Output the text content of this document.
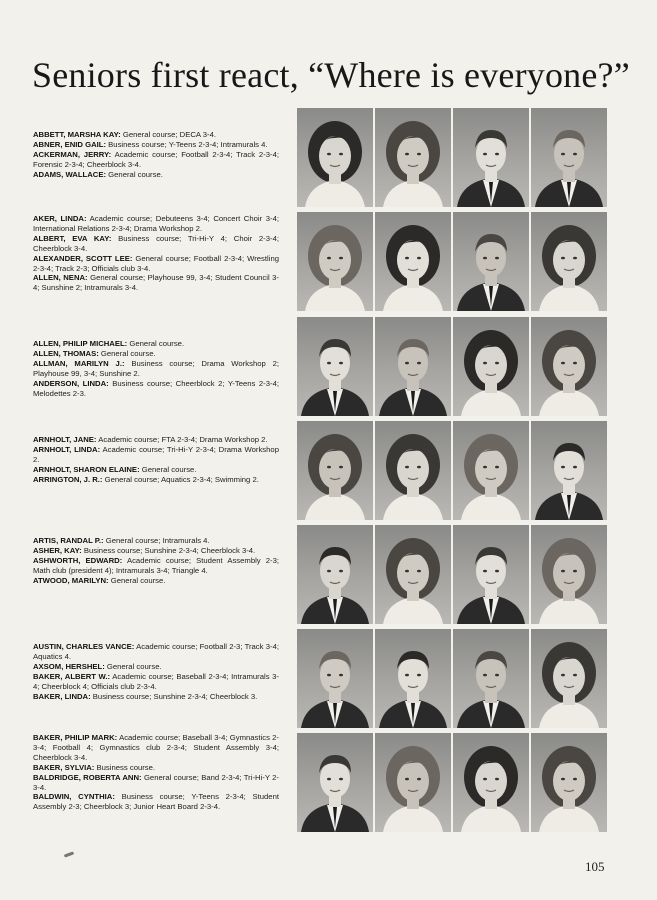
Seniors first react, “Where is everyone?”
ABBETT, MARSHA KAY: General course; DECA 3-4.
ABNER, ENID GAIL: Business course; Y-Teens 2-3-4; Intramurals 4.
ACKERMAN, JERRY: Academic course; Football 2-3-4; Track 2-3-4; Forensic 2-3-4; Cheerblock 3-4.
ADAMS, WALLACE: General course.
AKER, LINDA: Academic course; Debuteens 3-4; Concert Choir 3-4; International Relations 2-3-4; Drama Workshop 2.
ALBERT, EVA KAY: Business course; Tri-Hi-Y 4; Choir 2-3-4; Cheerblock 3-4.
ALEXANDER, SCOTT LEE: General course; Football 2-3-4; Wrestling 2-3-4; Track 2-3; Officials club 3-4.
ALLEN, NENA: General course; Playhouse 99, 3-4; Student Council 3-4; Sunshine 2; Intramurals 3-4.
ALLEN, PHILIP MICHAEL: General course.
ALLEN, THOMAS: General course.
ALLMAN, MARILYN J.: Business course; Drama Workshop 2; Playhouse 99, 3-4; Sunshine 2.
ANDERSON, LINDA: Business course; Cheerblock 2; Y-Teens 2-3-4; Melodettes 2-3.
ARNHOLT, JANE: Academic course; FTA 2-3-4; Drama Workshop 2.
ARNHOLT, LINDA: Academic course; Tri-Hi-Y 2-3-4; Drama Workshop 2.
ARNHOLT, SHARON ELAINE: General course.
ARRINGTON, J. R.: General course; Aquatics 2-3-4; Swimming 2.
ARTIS, RANDAL P.: General course; Intramurals 4.
ASHER, KAY: Business course; Sunshine 2-3-4; Cheerblock 3-4.
ASHWORTH, EDWARD: Academic course; Student Assembly 2-3; Math club (president 4); Intramurals 3-4; Triangle 4.
ATWOOD, MARILYN: General course.
AUSTIN, CHARLES VANCE: Academic course; Football 2-3; Track 3-4; Aquatics 4.
AXSOM, HERSHEL: General course.
BAKER, ALBERT W.: Academic course; Baseball 2-3-4; Intramurals 3-4; Cheerblock 4; Officials club 2-3-4.
BAKER, LINDA: Business course; Sunshine 2-3-4; Cheerblock 3.
BAKER, PHILIP MARK: Academic course; Baseball 3-4; Gymnastics 2-3-4; Football 4; Gymnastics club 2-3-4; Student Assembly 3-4; Cheerblock 3-4.
BAKER, SYLVIA: Business course.
BALDRIDGE, ROBERTA ANN: General course; Band 2-3-4; Tri-Hi-Y 2-3-4.
BALDWIN, CYNTHIA: Business course; Y-Teens 2-3-4; Student Assembly 2-3; Cheerblock 3; Junior Heart Board 2-3-4.
105
